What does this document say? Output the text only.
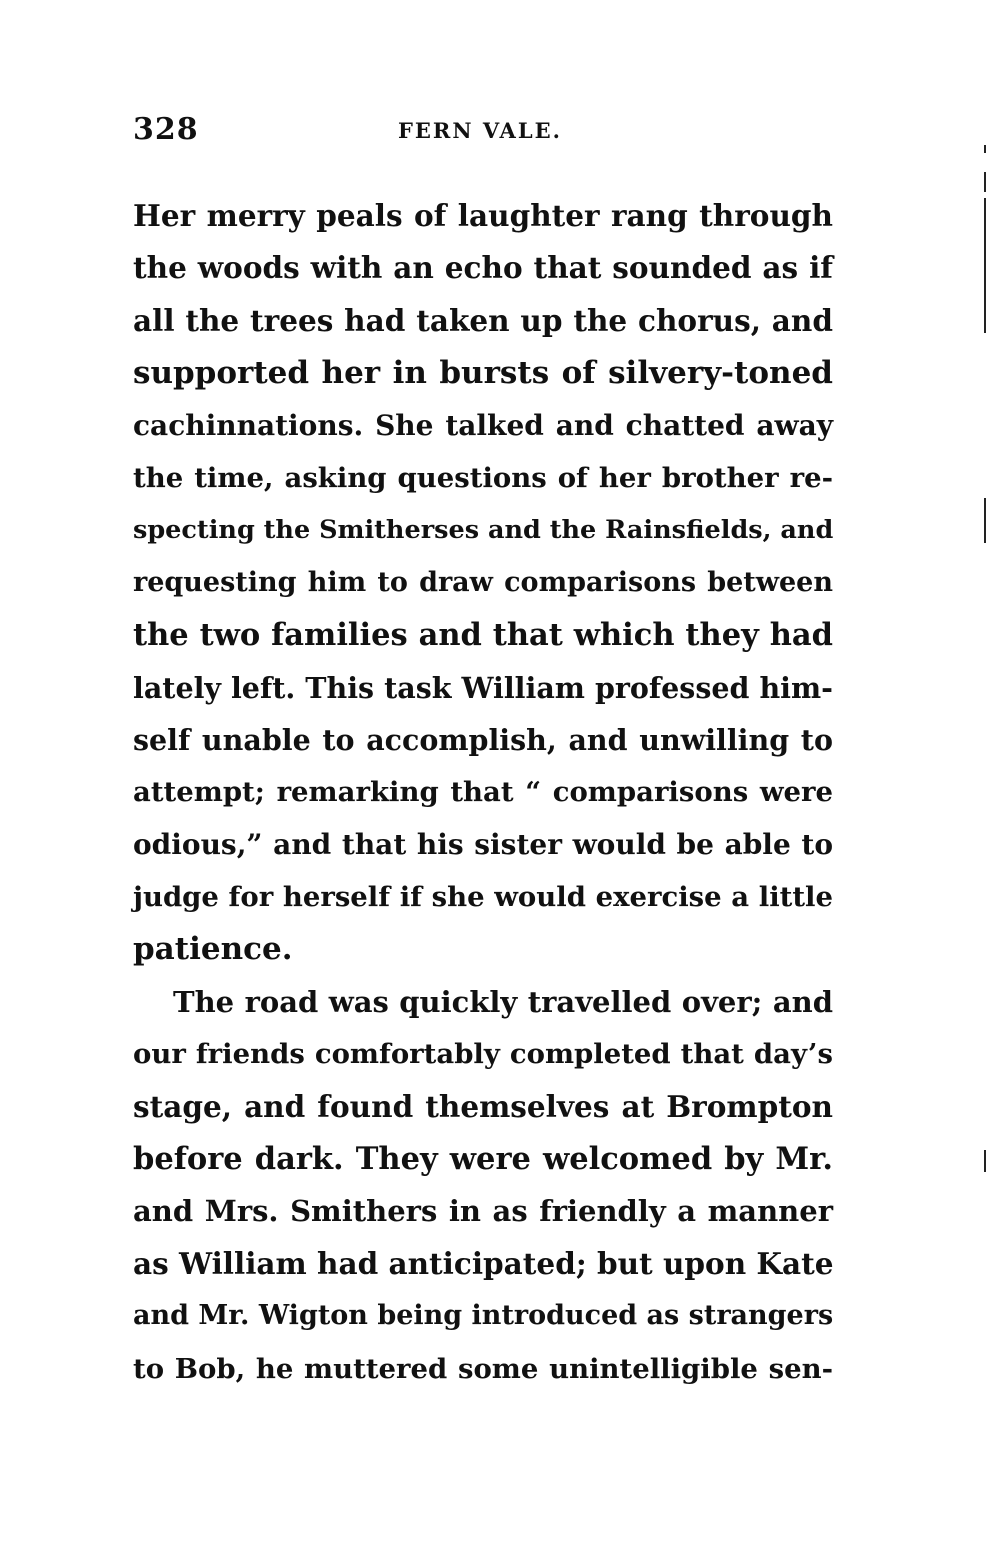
328	FERN VALE.
Her merry peals of laughter rang through
the woods with an echo that sounded as if
all the trees had taken up the chorus, and
supported her in bursts of silvery-toned
cachinnations. She talked and chatted away
the time, asking questions of her brother re-
specting the Smitherses and the Rainsfields, and
requesting him to draw comparisons between
the two families and that which they had
lately left. This task William professed him-
self unable to accomplish, and unwilling to
attempt; remarking that “ comparisons were
odious,” and that his sister would be able to
judge for herself if she would exercise a little
patience.
The road was quickly travelled over; and
our friends comfortably completed that day’s
stage, and found themselves at Brompton
before dark. They were welcomed by Mr.
and Mrs. Smithers in as friendly a manner
as William had anticipated; but upon Kate
and Mr. Wigton being introduced as strangers
to Bob, he muttered some unintelligible sen-
